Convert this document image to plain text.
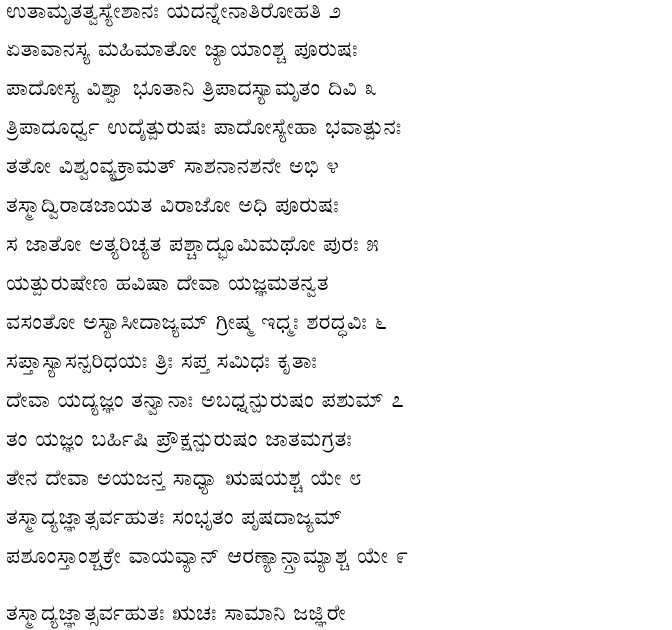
ಉತಾಮೃತತ್ವಸ್ಯೇಶಾನಃ ಯದನ್ನೇನಾತಿರೋಹತಿ ೨
ಏತಾವಾನಸ್ಯ ಮಹಿಮಾತೋ ಜ್ಯಾಯಾಂಶ್ಚ ಪೂರುಷಃ
ಪಾದೋಸ್ಯ ವಿಶ್ವಾ ಭೂತಾನಿ ತ್ರಿಪಾದಸ್ಯಾಮೃತಂ ದಿವಿ ೩
ತ್ರಿಪಾದೂರ್ಧ್ವ ಉದೈತ್ಪುರುಷಃ ಪಾದೋಸ್ಯೇಹಾ ಭವಾತ್ಪುನಃ
ತತೋ ವಿಶ್ವಂವ್ಯಕ್ರಾಮತ್ ಸಾಶನಾನಶನೇ ಅಭಿ ೪
ತಸ್ಮಾದ್ವಿರಾಡಜಾಯತ ವಿರಾಜೋ ಅಧಿ ಪೂರುಷಃ
ಸ ಜಾತೋ ಅತ್ಯರಿಚ್ಯತ ಪಶ್ಚಾದ್ಭೂಮಿಮಥೋ ಪುರಃ ೫
ಯತ್ಪುರುಷೇಣ ಹವಿಷಾ ದೇವಾ ಯಜ್ಞಮತನ್ವತ
ವಸಂತೋ ಅಸ್ಯಾಸೀದಾಜ್ಯಮ್ ಗ್ರೀಷ್ಮ ಇಧ್ಮಃ ಶರದ್ಧವಿಃ ೬
ಸಪ್ತಾಸ್ಯಾಸನ್ಪರಿಧಯಃ ತ್ರಿಃ ಸಪ್ತ ಸಮಿಧಃ ಕೃತಾಃ
ದೇವಾ ಯದ್ಯಜ್ಞಂ ತನ್ವಾನಾಃ ಅಬಧ್ನನ್ಪುರುಷಂ ಪಶುಮ್ ೭
ತಂ ಯಜ್ಞಂ ಬರ್ಹಿಷಿ ಪ್ರೌಕ್ಷನ್ಪುರುಷಂ ಜಾತಮಗ್ರತಃ
ತೇನ ದೇವಾ ಅಯಜನ್ತ ಸಾಧ್ಯಾ ಋಷಯಶ್ಚ ಯೇ ೮
ತಸ್ಮಾದ್ಯಜ್ಞಾತ್ಸರ್ವಹುತಃ ಸಂಭೃತಂ ಪೃಷದಾಜ್ಯಮ್
ಪಶೂಂಸ್ತಾಂಶ್ಚಕ್ರೇ ವಾಯವ್ಯಾನ್ ಆರಣ್ಯಾನ್ಗ್ರಾಮ್ಯಾಶ್ಚ ಯೇ ೯
ತಸ್ಮಾದ್ಯಜ್ಞಾತ್ಸರ್ವಹುತಃ ಋಚಃ ಸಾಮಾನಿ ಜಜ್ಞಿರೇ
